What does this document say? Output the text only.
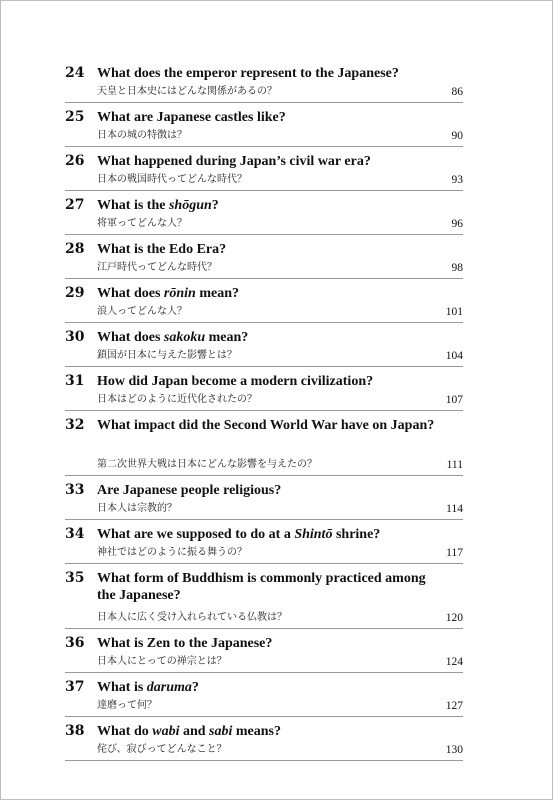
24 What does the emperor represent to the Japanese?
天皇と日本史にはどんな関係があるの？	86
25 What are Japanese castles like?
日本の城の特徴は？	90
26 What happened during Japan’s civil war era?
日本の戦国時代ってどんな時代？	93
27 What is the shōgun?
将軍ってどんな人？	96
28 What is the Edo Era?
江戸時代ってどんな時代？	98
29 What does rōnin mean?
浪人ってどんな人？	101
30 What does sakoku mean?
鎖国が日本に与えた影響とは？	104
31 How did Japan become a modern civilization?
日本はどのように近代化されたの？	107
32 What impact did the Second World War have on Japan?
第二次世界大戦は日本にどんな影響を与えたの？	111
33 Are Japanese people religious?
日本人は宗教的？	114
34 What are we supposed to do at a Shintō shrine?
神社ではどのように振る舞うの？	117
35 What form of Buddhism is commonly practiced among the Japanese?
日本人に広く受け入れられている仏教は？	120
36 What is Zen to the Japanese?
日本人にとっての禅宗とは？	124
37 What is daruma?
達磨って何？	127
38 What do wabi and sabi means?
侘び、寂びってどんなこと？	130
